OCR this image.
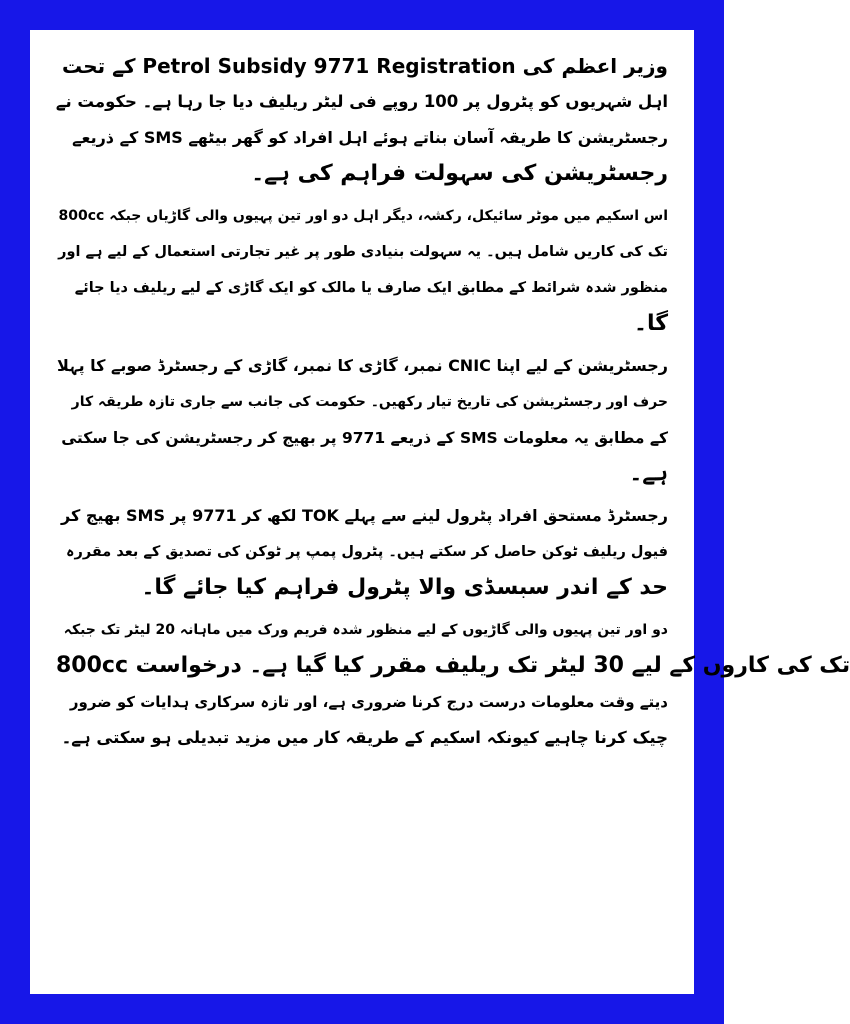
وزیر اعظم کی Petrol Subsidy 9771 Registration کے تحت

اہل شہریوں کو پٹرول پر 100 روپے فی لیٹر ریلیف دیا جا رہا ہے۔ حکومت نے

رجسٹریشن کا طریقہ آسان بناتے ہوئے اہل افراد کو گھر بیٹھے SMS کے ذریعے

رجسٹریشن کی سہولت فراہم کی ہے۔

اس اسکیم میں موٹر سائیکل، رکشہ، دیگر اہل دو اور تین پہیوں والی گاڑیاں جبکہ 800cc

تک کی کاریں شامل ہیں۔ یہ سہولت بنیادی طور پر غیر تجارتی استعمال کے لیے ہے اور

منظور شدہ شرائط کے مطابق ایک صارف یا مالک کو ایک گاڑی کے لیے ریلیف دیا جائے

گا۔

رجسٹریشن کے لیے اپنا CNIC نمبر، گاڑی کا نمبر، گاڑی کے رجسٹرڈ صوبے کا پہلا

حرف اور رجسٹریشن کی تاریخ تیار رکھیں۔ حکومت کی جانب سے جاری تازہ طریقہ کار

کے مطابق یہ معلومات SMS کے ذریعے 9771 پر بھیج کر رجسٹریشن کی جا سکتی

ہے۔

رجسٹرڈ مستحق افراد پٹرول لینے سے پہلے TOK لکھ کر 9771 پر SMS بھیج کر

فیول ریلیف ٹوکن حاصل کر سکتے ہیں۔ پٹرول پمپ پر ٹوکن کی تصدیق کے بعد مقررہ

حد کے اندر سبسڈی والا پٹرول فراہم کیا جائے گا۔

دو اور تین پہیوں والی گاڑیوں کے لیے منظور شدہ فریم ورک میں ماہانہ 20 لیٹر تک جبکہ

800cc تک کی کاروں کے لیے 30 لیٹر تک ریلیف مقرر کیا گیا ہے۔ درخواست

دیتے وقت معلومات درست درج کرنا ضروری ہے، اور تازہ سرکاری ہدایات کو ضرور

چیک کرنا چاہیے کیونکہ اسکیم کے طریقہ کار میں مزید تبدیلی ہو سکتی ہے۔
